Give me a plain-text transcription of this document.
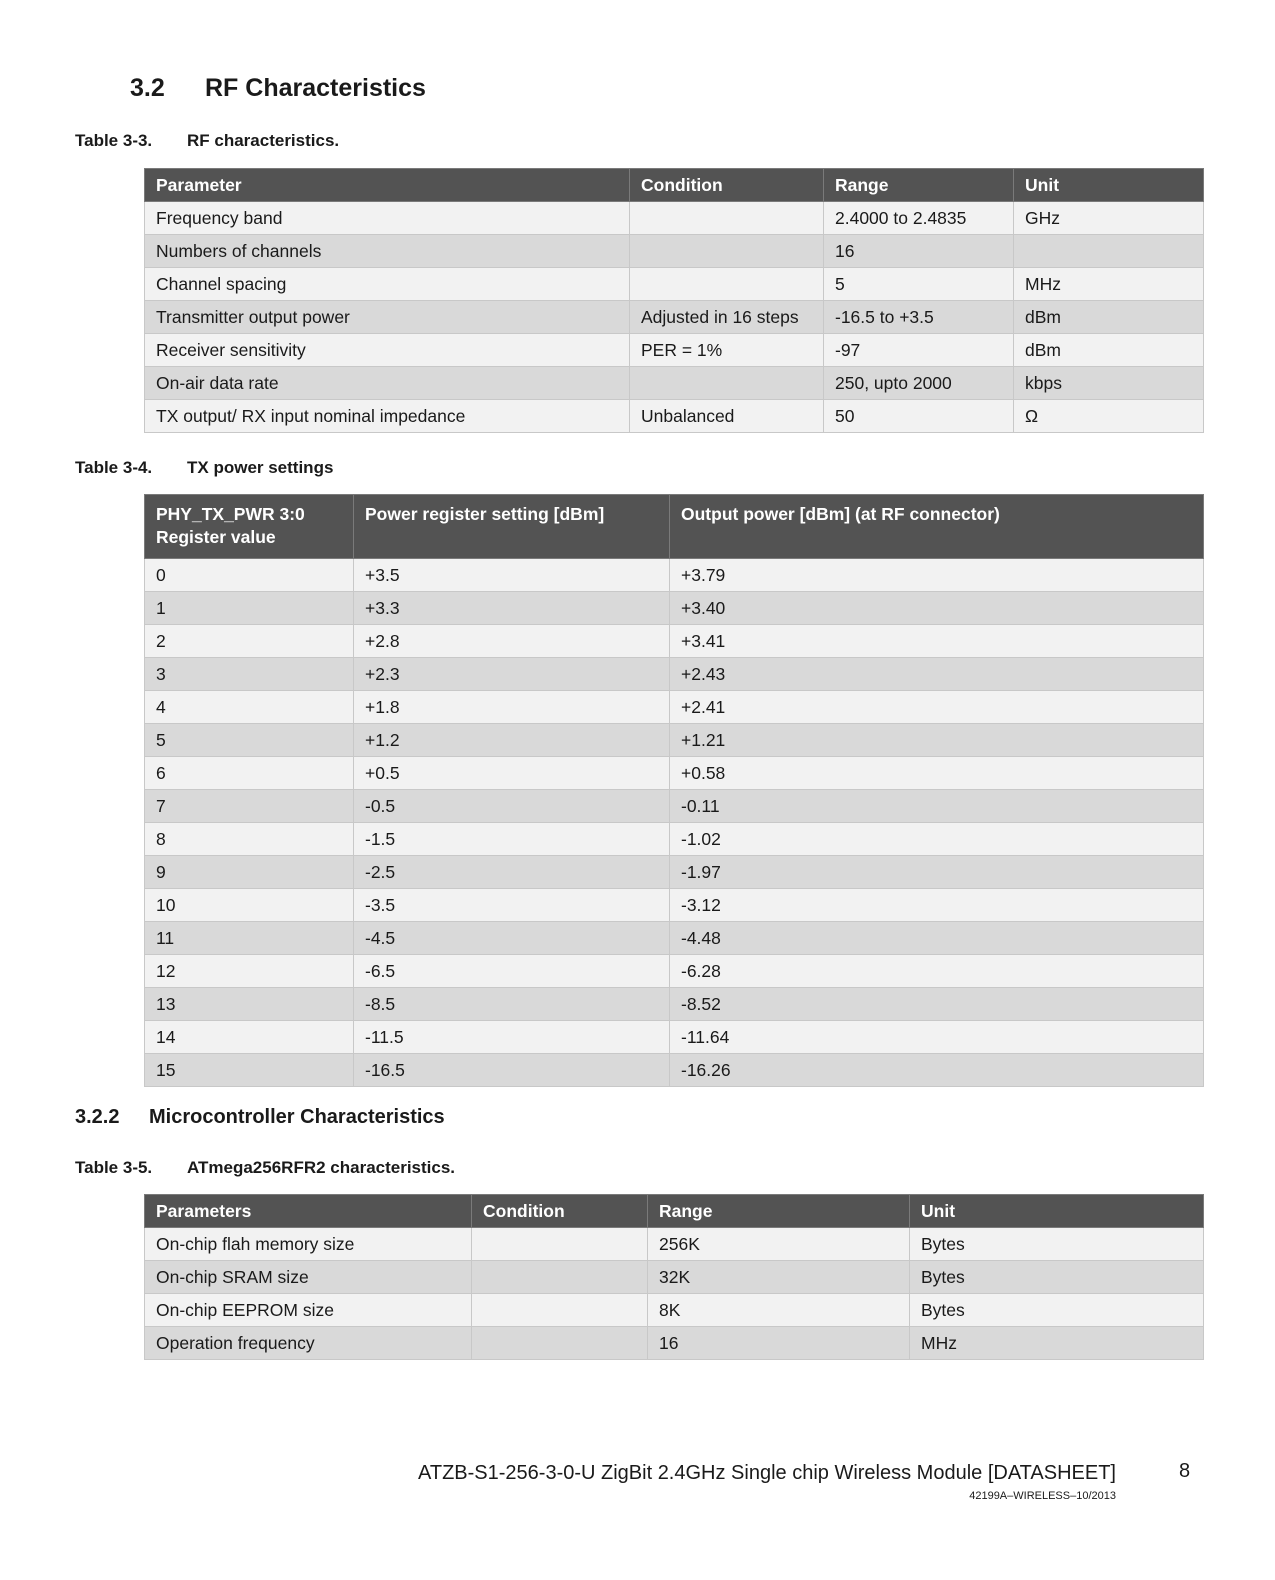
3.2 RF Characteristics
Table 3-3. RF characteristics.
Parameter	Condition	Range	Unit
Frequency band		2.4000 to 2.4835	GHz
Numbers of channels		16	
Channel spacing		5	MHz
Transmitter output power	Adjusted in 16 steps	-16.5 to +3.5	dBm
Receiver sensitivity	PER = 1%	-97	dBm
On-air data rate		250, upto 2000	kbps
TX output/ RX input nominal impedance	Unbalanced	50	Ω
Table 3-4. TX power settings
PHY_TX_PWR 3:0 Register value	Power register setting [dBm]	Output power [dBm] (at RF connector)
0	+3.5	+3.79
1	+3.3	+3.40
2	+2.8	+3.41
3	+2.3	+2.43
4	+1.8	+2.41
5	+1.2	+1.21
6	+0.5	+0.58
7	-0.5	-0.11
8	-1.5	-1.02
9	-2.5	-1.97
10	-3.5	-3.12
11	-4.5	-4.48
12	-6.5	-6.28
13	-8.5	-8.52
14	-11.5	-11.64
15	-16.5	-16.26
3.2.2 Microcontroller Characteristics
Table 3-5. ATmega256RFR2 characteristics.
Parameters	Condition	Range	Unit
On-chip flah memory size		256K	Bytes
On-chip SRAM size		32K	Bytes
On-chip EEPROM size		8K	Bytes
Operation frequency		16	MHz
ATZB-S1-256-3-0-U ZigBit 2.4GHz Single chip Wireless Module [DATASHEET]	8
42199A–WIRELESS–10/2013
